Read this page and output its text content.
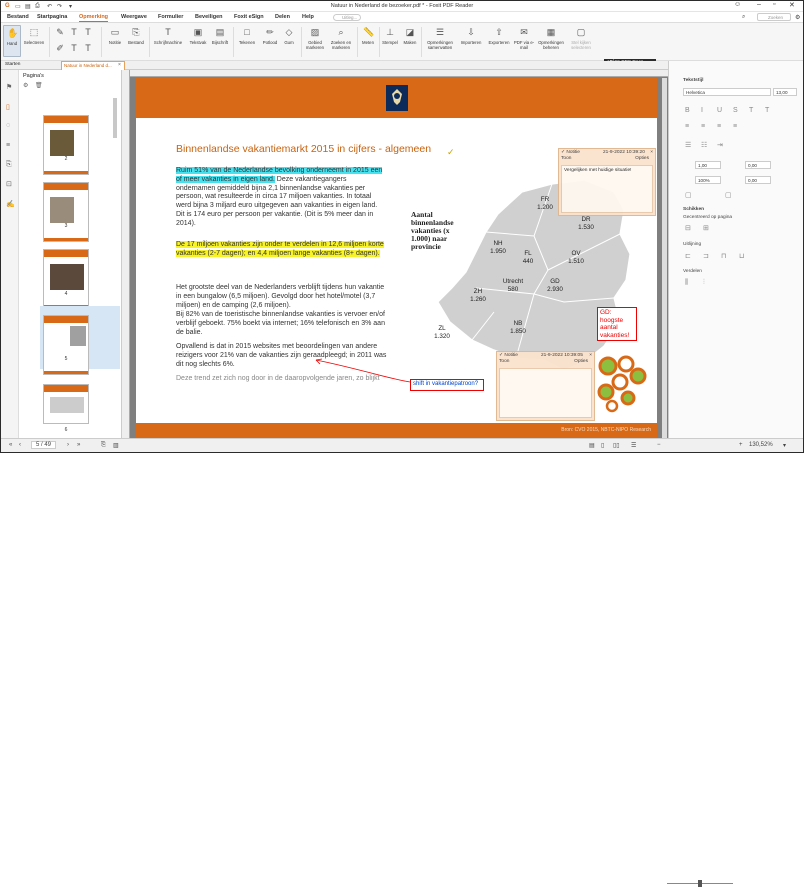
G ▭ ▤ ⎙ ↶ ↷ ▾	Natuur in Nederland de bezoeker.pdf * - Foxit PDF Reader	☺ – ▫ ✕
Bestand Startpagina Opmerking Weergave Formulier Beveiligen Foxit eSign Delen Help	Uitleg...	⌕	Zoeken	⚙
✋
Hand
⬚
Selecteren
✎ T T
✐ T T
▭
Notitie
⎘
Bestand
T
Schrijfmachine
▣
Tekstvak
▤
Bijschrift
□
Tekenen
✏
Potlood
◇
Gum
▨
Gebied markeren
⌕
Zoeken en markeren
📏
Meten
⊥
Stempel
◪
Maken
☰
Opmerkingen samenvatten
⇩
Importeren
⇧
Exporteren
✉
PDF via e-mail
▦
Opmerkingen beheren
▢
Stel kijken selecteren
Starten	Natuur in Nederland d...	×
⚑
▯
◌
≡
⎘
⊡
✍
Pagina's
⚙ 🗑
2
3
4
5
6
Binnenlandse vakantiemarkt 2015 in cijfers - algemeen ✓
Ruim 51% van de Nederlandse bevolking onderneemt in 2015 een of meer vakanties in eigen land. Deze vakantiegangers ondernamen gemiddeld bijna 2,1 binnenlandse vakanties per persoon, wat resulteerde in circa 17 miljoen vakanties. In totaal werd bijna 3 miljard euro uitgegeven aan vakanties in eigen land. Dit is 174 euro per persoon per vakantie. (Dit is 5% meer dan in 2014).
De 17 miljoen vakanties zijn onder te verdelen in 12,6 miljoen korte vakanties (2-7 dagen); en 4,4 miljoen lange vakanties (8+ dagen).
Het grootste deel van de Nederlanders verblijft tijdens hun vakantie in een bungalow (6,5 miljoen). Gevolgd door het hotel/motel (3,7 miljoen) en de camping (2,6 miljoen).
Bij 82% van de toeristische binnenlandse vakanties is vervoer en/of verblijf geboekt. 75% boekt via internet; 16% telefonisch en 3% aan de balie.
Opvallend is dat in 2015 websites met beoordelingen van andere reizigers voor 21% van de vakanties zijn geraadpleegd; in 2011 was dit nog slechts 6%.
Deze trend zet zich nog door in de daaropvolgende jaren, zo blijkt
Aantal binnenlandse vakanties (x 1.000) naar provincie
FR
1.200
DR
1.530
NH
1.950	FL
440
OV
1.510
Utrecht
580
GD
2.930
ZH
1.260
NB
1.850
ZL
1.320
✓ Notitie	21-9-2022 10:39:20 ×
Toon	Opties
Vergelijken met huidige situatie!
✓ Notitie	21-9-2022 10:39:05 ×
Toon	Opties
GD: hoogste aantal vakanties!
shift in vakantiepatroon?
Bron: CVO 2015, NBTC-NIPO Research
Tekststijl
Helvetica	13,00
B I U S T T
≡ ≡ ≡ ≡
☰ ☷ ⇥
1,00	0,00
100%	0,00
▢	▢
Schikken
Gecentreerd op pagina
⊟ ⊞
Uitlijning
⊏ ⊐ ⊓ ⊔
Verdelen
⫼ ⫶
« ‹	5 / 49	› »	⎘ ▥	▤ ▯ ▯▯ ☰	−	+ 130,52% ▾
